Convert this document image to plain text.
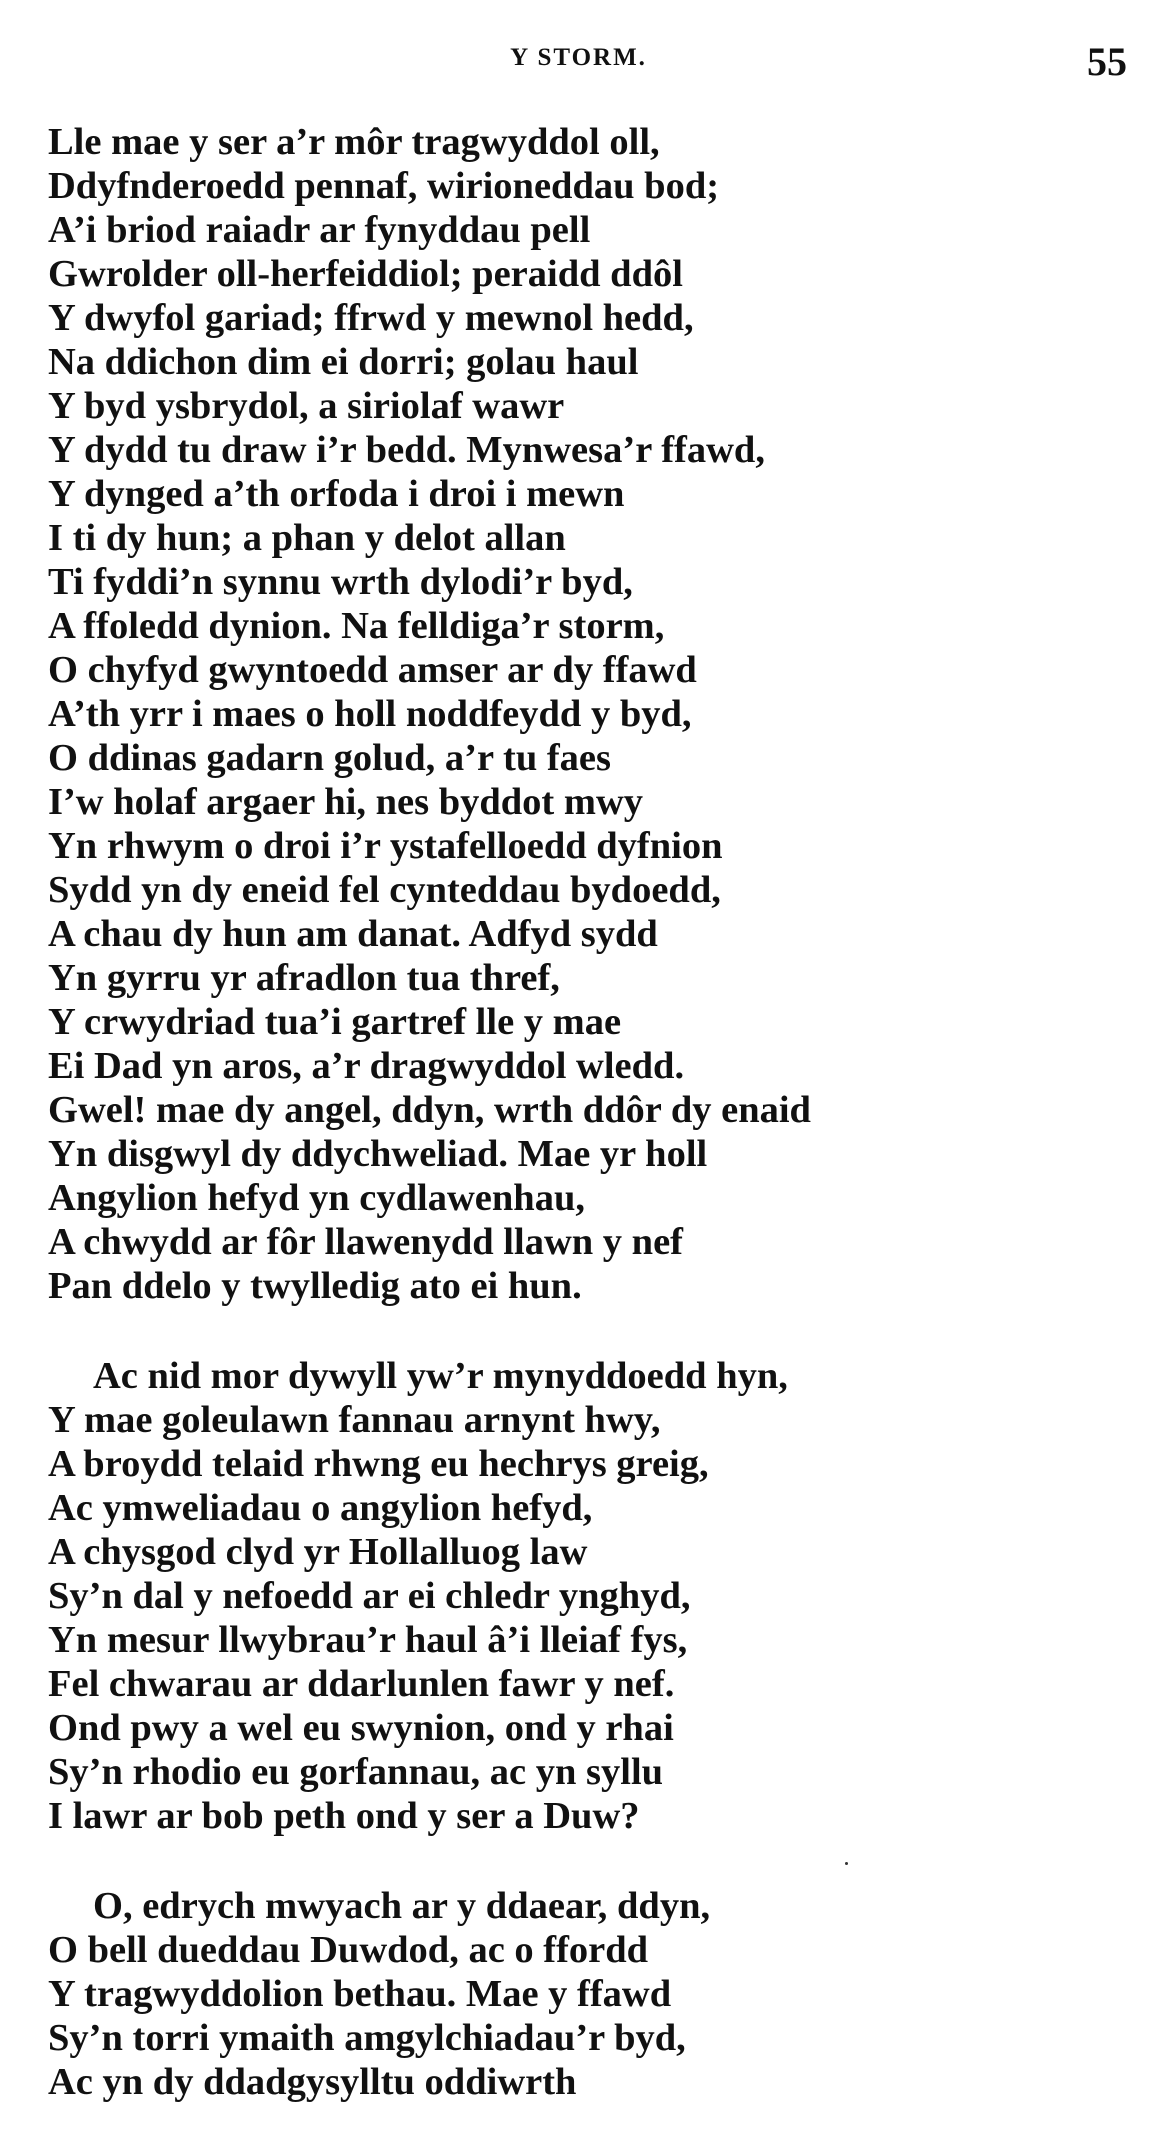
Y STORM.	55
Lle mae y ser a’r môr tragwyddol oll,
Ddyfnderoedd pennaf, wirioneddau bod;
A’i briod raiadr ar fynyddau pell
Gwrolder oll-herfeiddiol; peraidd ddôl
Y dwyfol gariad; ffrwd y mewnol hedd,
Na ddichon dim ei dorri; golau haul
Y byd ysbrydol, a siriolaf wawr
Y dydd tu draw i’r bedd. Mynwesa’r ffawd,
Y dynged a’th orfoda i droi i mewn
I ti dy hun; a phan y delot allan
Ti fyddi’n synnu wrth dylodi’r byd,
A ffoledd dynion. Na felldiga’r storm,
O chyfyd gwyntoedd amser ar dy ffawd
A’th yrr i maes o holl noddfeydd y byd,
O ddinas gadarn golud, a’r tu faes
I’w holaf argaer hi, nes byddot mwy
Yn rhwym o droi i’r ystafelloedd dyfnion
Sydd yn dy eneid fel cynteddau bydoedd,
A chau dy hun am danat. Adfyd sydd
Yn gyrru yr afradlon tua thref,
Y crwydriad tua’i gartref lle y mae
Ei Dad yn aros, a’r dragwyddol wledd.
Gwel! mae dy angel, ddyn, wrth ddôr dy enaid
Yn disgwyl dy ddychweliad. Mae yr holl
Angylion hefyd yn cydlawenhau,
A chwydd ar fôr llawenydd llawn y nef
Pan ddelo y twylledig ato ei hun.
Ac nid mor dywyll yw’r mynyddoedd hyn,
Y mae goleulawn fannau arnynt hwy,
A broydd telaid rhwng eu hechrys greig,
Ac ymweliadau o angylion hefyd,
A chysgod clyd yr Hollalluog law
Sy’n dal y nefoedd ar ei chledr ynghyd,
Yn mesur llwybrau’r haul â’i lleiaf fys,
Fel chwarau ar ddarlunlen fawr y nef.
Ond pwy a wel eu swynion, ond y rhai
Sy’n rhodio eu gorfannau, ac yn syllu
I lawr ar bob peth ond y ser a Duw?
O, edrych mwyach ar y ddaear, ddyn,
O bell dueddau Duwdod, ac o ffordd
Y tragwyddolion bethau. Mae y ffawd
Sy’n torri ymaith amgylchiadau’r byd,
Ac yn dy ddadgysylltu oddiwrth
